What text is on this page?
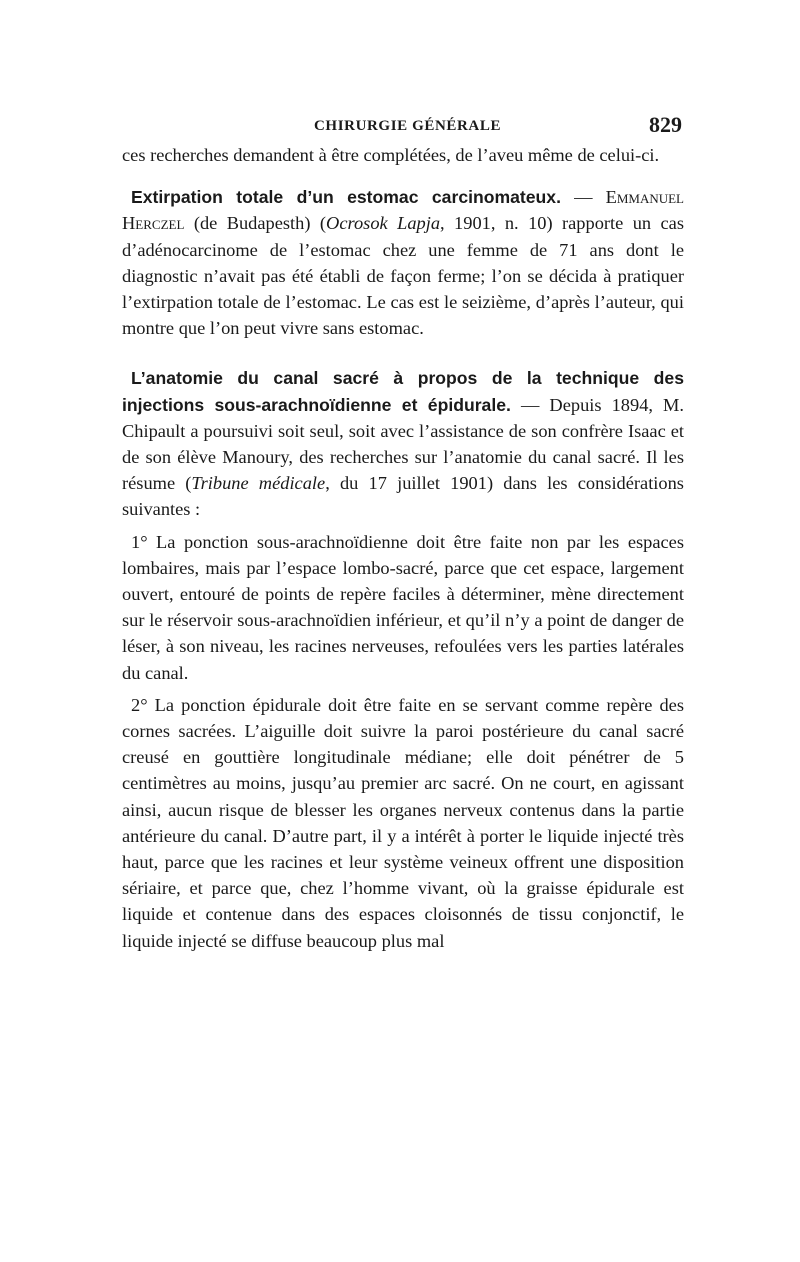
CHIRURGIE GÉNÉRALE	829

ces recherches demandent à être complétées, de l’aveu même de celui-ci.

Extirpation totale d’un estomac carcinomateux. — Emmanuel Herczel (de Budapesth) (Ocrosok Lapja, 1901, n. 10) rapporte un cas d’adénocarcinome de l’estomac chez une femme de 71 ans dont le diagnostic n’avait pas été établi de façon ferme; l’on se décida à pratiquer l’extirpation totale de l’estomac. Le cas est le seizième, d’après l’auteur, qui montre que l’on peut vivre sans estomac.

L’anatomie du canal sacré à propos de la technique des injections sous-arachnoïdienne et épidurale. — Depuis 1894, M. Chipault a poursuivi soit seul, soit avec l’assistance de son confrère Isaac et de son élève Manoury, des recherches sur l’anatomie du canal sacré. Il les résume (Tribune médicale, du 17 juillet 1901) dans les considérations suivantes :

1° La ponction sous-arachnoïdienne doit être faite non par les espaces lombaires, mais par l’espace lombo-sacré, parce que cet espace, largement ouvert, entouré de points de repère faciles à déterminer, mène directement sur le réservoir sous-arachnoïdien inférieur, et qu’il n’y a point de danger de léser, à son niveau, les racines nerveuses, refoulées vers les parties latérales du canal.

2° La ponction épidurale doit être faite en se servant comme repère des cornes sacrées. L’aiguille doit suivre la paroi postérieure du canal sacré creusé en gouttière longitudinale médiane; elle doit pénétrer de 5 centimètres au moins, jusqu’au premier arc sacré. On ne court, en agissant ainsi, aucun risque de blesser les organes nerveux contenus dans la partie antérieure du canal. D’autre part, il y a intérêt à porter le liquide injecté très haut, parce que les racines et leur système veineux offrent une disposition sériaire, et parce que, chez l’homme vivant, où la graisse épidurale est liquide et contenue dans des espaces cloisonnés de tissu conjonctif, le liquide injecté se diffuse beaucoup plus mal
